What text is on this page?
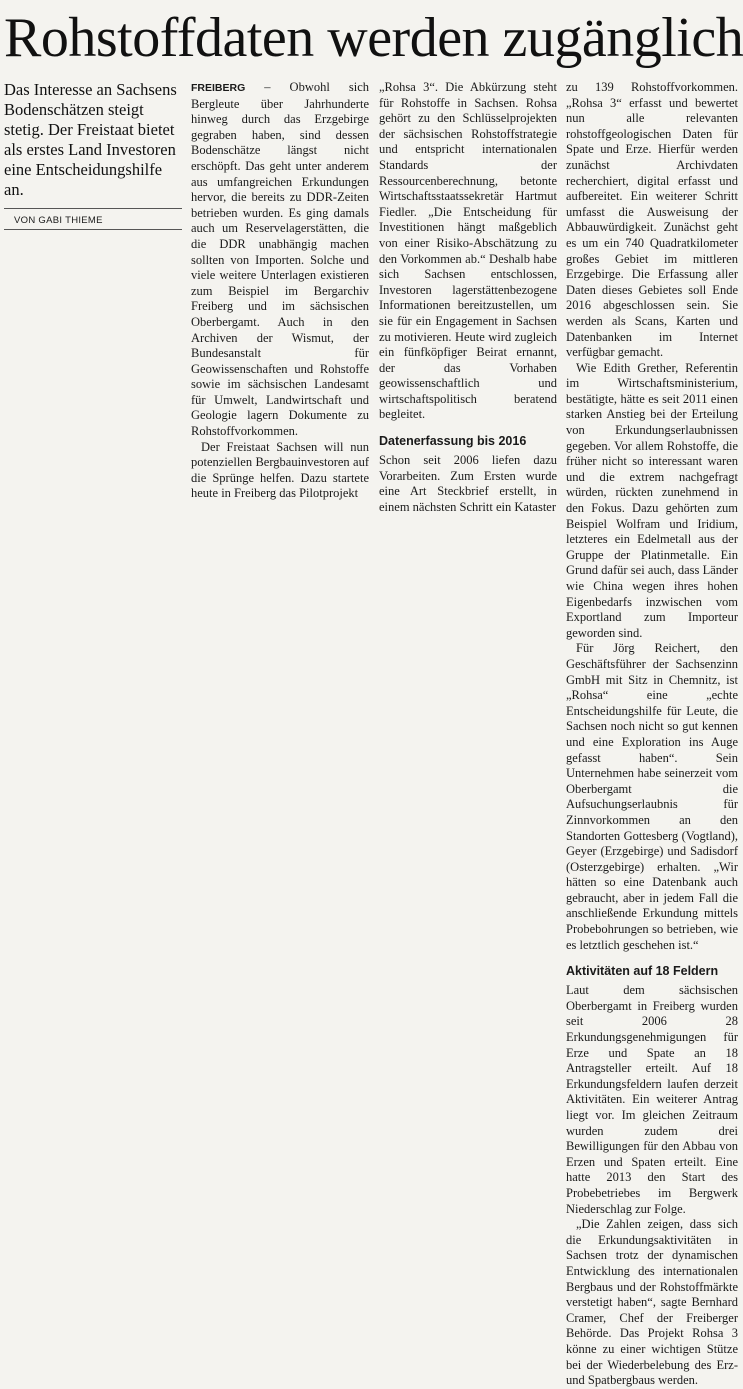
Rohstoffdaten werden zugänglich
Das Interesse an Sachsens Bodenschätzen steigt stetig. Der Freistaat bietet als erstes Land Investoren eine Entscheidungshilfe an.

VON GABI THIEME

FREIBERG – Obwohl sich Bergleute über Jahrhunderte hinweg durch das Erzgebirge gegraben haben, sind dessen Bodenschätze längst nicht erschöpft. Das geht unter anderem aus umfangreichen Erkundungen hervor, die bereits zu DDR-Zeiten betrieben wurden. Es ging damals auch um Reservelagerstätten, die die DDR unabhängig machen sollten von Importen. Solche und viele weitere Unterlagen existieren zum Beispiel im Bergarchiv Freiberg und im sächsischen Oberbergamt. Auch in den Archiven der Wismut, der Bundesanstalt für Geowissenschaften und Rohstoffe sowie im sächsischen Landesamt für Umwelt, Landwirtschaft und Geologie lagern Dokumente zu Rohstoffvorkommen.

Der Freistaat Sachsen will nun potenziellen Bergbauinvestoren auf die Sprünge helfen. Dazu startete heute in Freiberg das Pilotprojekt

„Rohsa 3“. Die Abkürzung steht für Rohstoffe in Sachsen. Rohsa gehört zu den Schlüsselprojekten der sächsischen Rohstoffstrategie und entspricht internationalen Standards der Ressourcenberechnung, betonte Wirtschaftsstaatssekretär Hartmut Fiedler. „Die Entscheidung für Investitionen hängt maßgeblich von einer Risiko-Abschätzung zu den Vorkommen ab.“ Deshalb habe sich Sachsen entschlossen, Investoren lagerstättenbezogene Informationen bereitzustellen, um sie für ein Engagement in Sachsen zu motivieren. Heute wird zugleich ein fünfköpfiger Beirat ernannt, der das Vorhaben geowissenschaftlich und wirtschaftspolitisch beratend begleitet.

Datenerfassung bis 2016

Schon seit 2006 liefen dazu Vorarbeiten. Zum Ersten wurde eine Art Steckbrief erstellt, in einem nächsten Schritt ein Kataster

zu 139 Rohstoffvorkommen. „Rohsa 3“ erfasst und bewertet nun alle relevanten rohstoffgeologischen Daten für Spate und Erze. Hierfür werden zunächst Archivdaten recherchiert, digital erfasst und aufbereitet. Ein weiterer Schritt umfasst die Ausweisung der Abbauwürdigkeit. Zunächst geht es um ein 740 Quadratkilometer großes Gebiet im mittleren Erzgebirge. Die Erfassung aller Daten dieses Gebietes soll Ende 2016 abgeschlossen sein. Sie werden als Scans, Karten und Datenbanken im Internet verfügbar gemacht.

Wie Edith Grether, Referentin im Wirtschaftsministerium, bestätigte, hätte es seit 2011 einen starken Anstieg bei der Erteilung von Erkundungserlaubnissen gegeben. Vor allem Rohstoffe, die früher nicht so interessant waren und die extrem nachgefragt würden, rückten zunehmend in den Fokus. Dazu gehörten zum Beispiel Wolfram und Iridium, letzteres ein Edelmetall aus der Gruppe der Platinmetalle. Ein Grund dafür sei auch, dass Länder wie China wegen ihres hohen Eigenbedarfs inzwischen vom Exportland zum Importeur geworden sind.

Für Jörg Reichert, den Geschäftsführer der Sachsenzinn GmbH mit Sitz in Chemnitz, ist „Rohsa“ eine „echte Entscheidungshilfe für Leute, die Sachsen noch nicht so gut kennen und eine Exploration ins Auge gefasst haben“. Sein Unternehmen habe seinerzeit vom Oberbergamt die Aufsuchungserlaubnis für Zinnvorkommen an den Standorten Gottesberg (Vogtland), Geyer (Erzgebirge) und Sadisdorf (Osterzgebirge) erhalten. „Wir hätten so eine Datenbank auch gebraucht, aber in jedem Fall die anschließende Erkundung mittels Probebohrungen so betrieben, wie es letztlich geschehen ist.“

Aktivitäten auf 18 Feldern

Laut dem sächsischen Oberbergamt in Freiberg wurden seit 2006 28 Erkundungsgenehmigungen für Erze und Spate an 18 Antragsteller erteilt. Auf 18 Erkundungsfeldern laufen derzeit Aktivitäten. Ein weiterer Antrag liegt vor. Im gleichen Zeitraum wurden zudem drei Bewilligungen für den Abbau von Erzen und Spaten erteilt. Eine hatte 2013 den Start des Probebetriebes im Bergwerk Niederschlag zur Folge.

„Die Zahlen zeigen, dass sich die Erkundungsaktivitäten in Sachsen trotz der dynamischen Entwicklung des internationalen Bergbaus und der Rohstoffmärkte verstetigt haben“, sagte Bernhard Cramer, Chef der Freiberger Behörde. Das Projekt Rohsa 3 könne zu einer wichtigen Stütze bei der Wiederbelebung des Erz- und Spatbergbaus werden.
